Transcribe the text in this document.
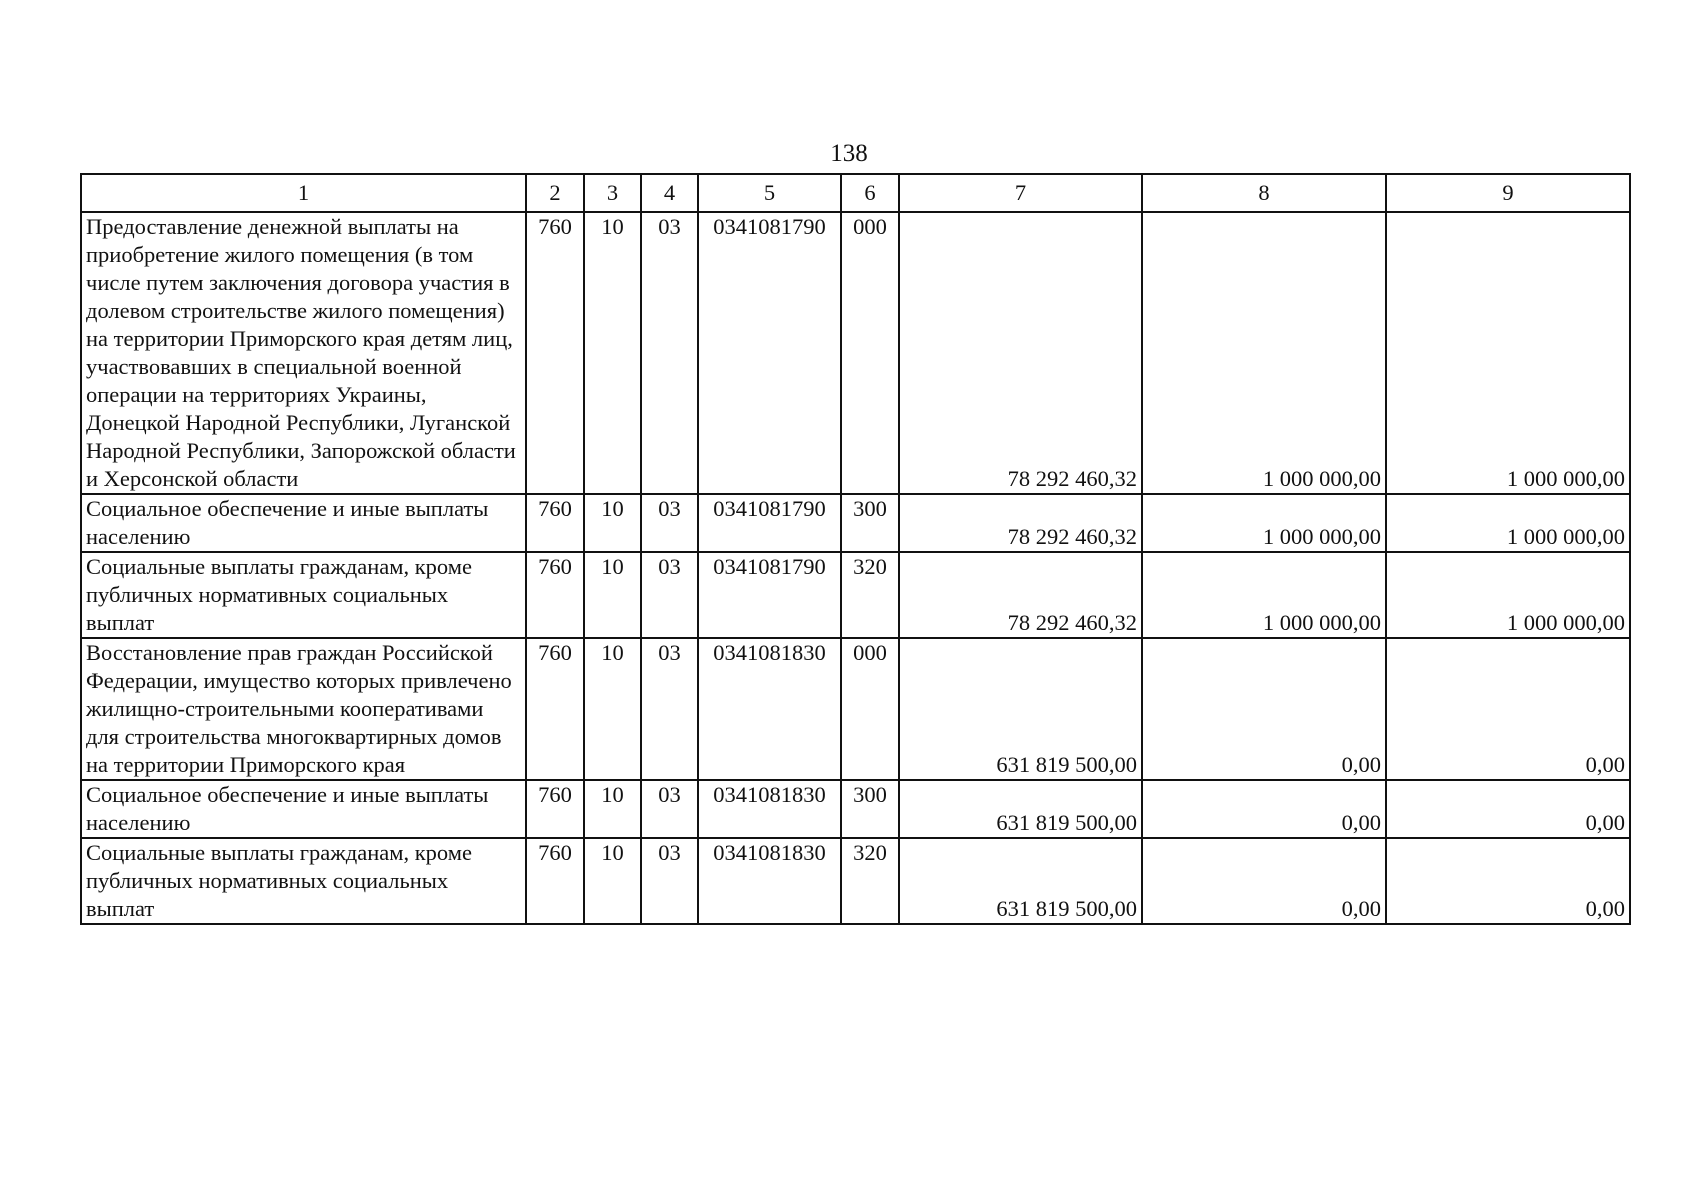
138
1	2	3	4	5	6	7	8	9
Предоставление денежной выплаты на приобретение жилого помещения (в том числе путем заключения договора участия в долевом строительстве жилого помещения) на территории Приморского края детям лиц, участвовавших в специальной военной операции на территориях Украины, Донецкой Народной Республики, Луганской Народной Республики, Запорожской области и Херсонской области	760	10	03	0341081790	000	78 292 460,32	1 000 000,00	1 000 000,00
Социальное обеспечение и иные выплаты населению	760	10	03	0341081790	300	78 292 460,32	1 000 000,00	1 000 000,00
Социальные выплаты гражданам, кроме публичных нормативных социальных выплат	760	10	03	0341081790	320	78 292 460,32	1 000 000,00	1 000 000,00
Восстановление прав граждан Российской Федерации, имущество которых привлечено жилищно-строительными кооперативами для строительства многоквартирных домов на территории Приморского края	760	10	03	0341081830	000	631 819 500,00	0,00	0,00
Социальное обеспечение и иные выплаты населению	760	10	03	0341081830	300	631 819 500,00	0,00	0,00
Социальные выплаты гражданам, кроме публичных нормативных социальных выплат	760	10	03	0341081830	320	631 819 500,00	0,00	0,00
